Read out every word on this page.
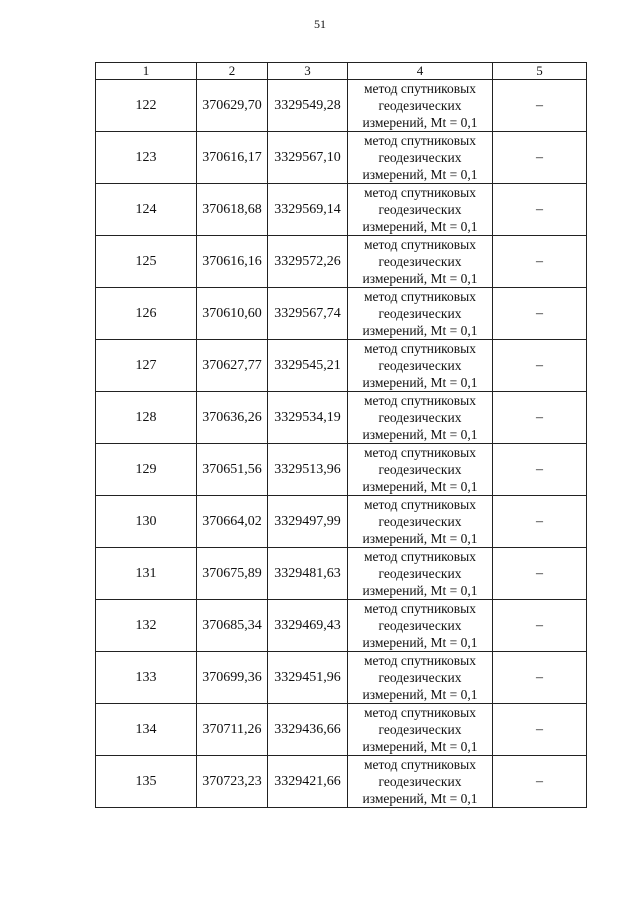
51
1	2	3	4	5
122	370629,70	3329549,28	метод спутниковых
геодезических
измерений, Mt = 0,1	–
123	370616,17	3329567,10	метод спутниковых
геодезических
измерений, Mt = 0,1	–
124	370618,68	3329569,14	метод спутниковых
геодезических
измерений, Mt = 0,1	–
125	370616,16	3329572,26	метод спутниковых
геодезических
измерений, Mt = 0,1	–
126	370610,60	3329567,74	метод спутниковых
геодезических
измерений, Mt = 0,1	–
127	370627,77	3329545,21	метод спутниковых
геодезических
измерений, Mt = 0,1	–
128	370636,26	3329534,19	метод спутниковых
геодезических
измерений, Mt = 0,1	–
129	370651,56	3329513,96	метод спутниковых
геодезических
измерений, Mt = 0,1	–
130	370664,02	3329497,99	метод спутниковых
геодезических
измерений, Mt = 0,1	–
131	370675,89	3329481,63	метод спутниковых
геодезических
измерений, Mt = 0,1	–
132	370685,34	3329469,43	метод спутниковых
геодезических
измерений, Mt = 0,1	–
133	370699,36	3329451,96	метод спутниковых
геодезических
измерений, Mt = 0,1	–
134	370711,26	3329436,66	метод спутниковых
геодезических
измерений, Mt = 0,1	–
135	370723,23	3329421,66	метод спутниковых
геодезических
измерений, Mt = 0,1	–
